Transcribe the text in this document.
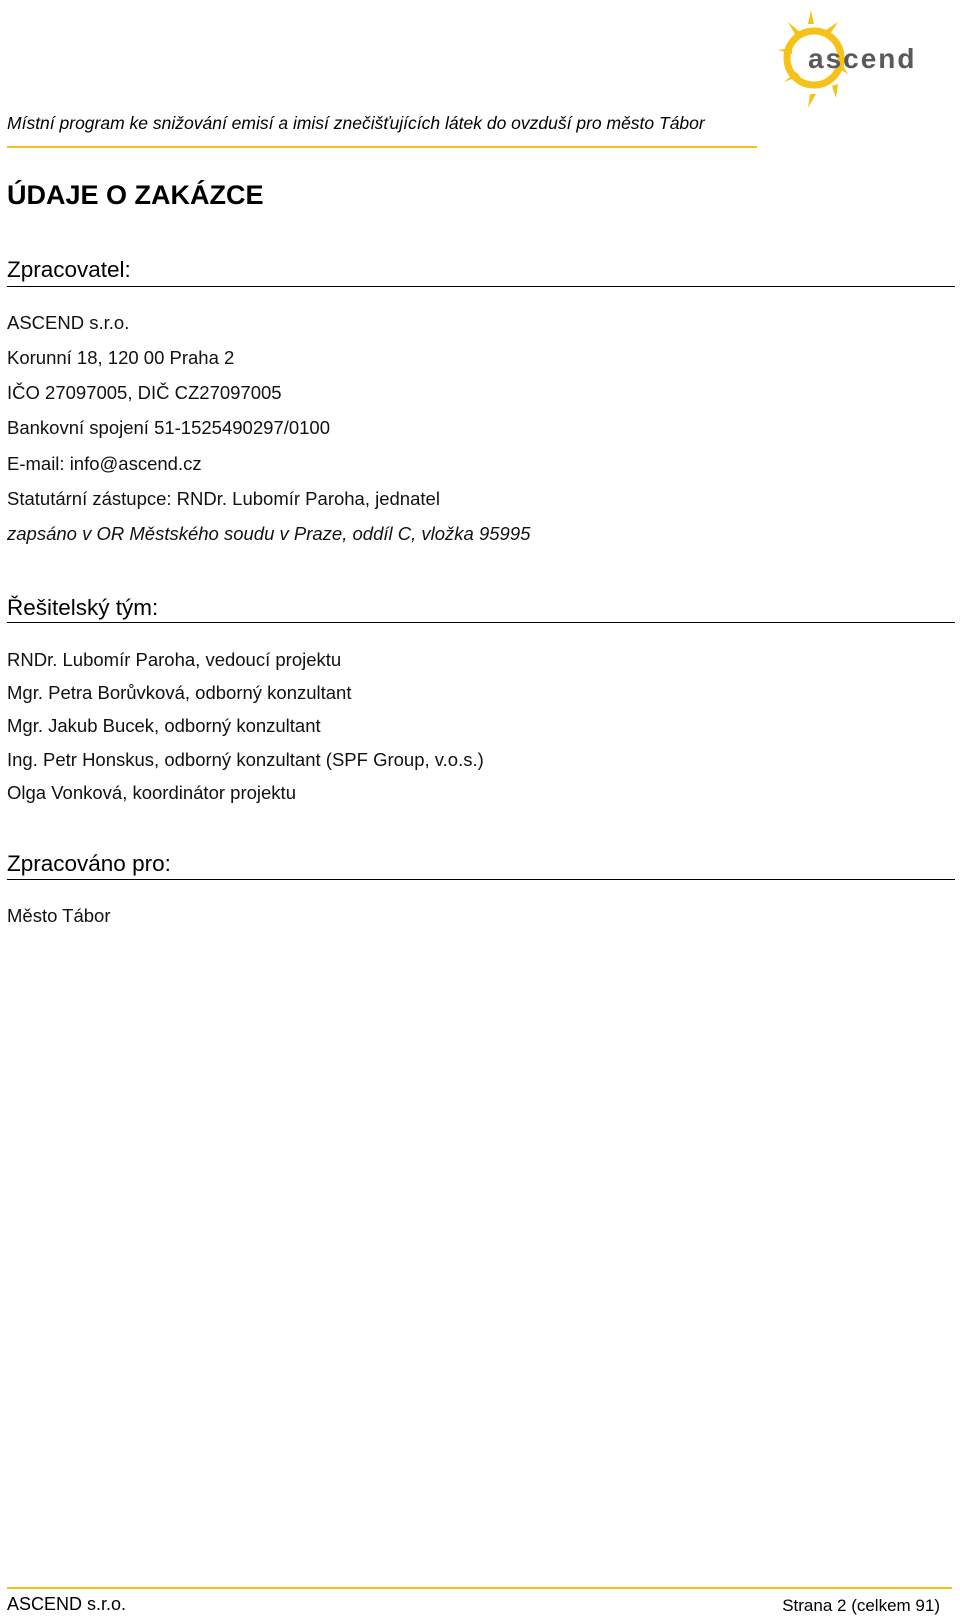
ascend
Místní program ke snižování emisí a imisí znečišťujících látek do ovzduší pro město Tábor
ÚDAJE O ZAKÁZCE
Zpracovatel:
ASCEND s.r.o.
Korunní 18, 120 00 Praha 2
IČO 27097005, DIČ CZ27097005
Bankovní spojení 51-1525490297/0100
E-mail: info@ascend.cz
Statutární zástupce: RNDr. Lubomír Paroha, jednatel
zapsáno v OR Městského soudu v Praze, oddíl C, vložka 95995
Řešitelský tým:
RNDr. Lubomír Paroha, vedoucí projektu
Mgr. Petra Borůvková, odborný konzultant
Mgr. Jakub Bucek, odborný konzultant
Ing. Petr Honskus, odborný konzultant (SPF Group, v.o.s.)
Olga Vonková, koordinátor projektu
Zpracováno pro:
Město Tábor
ASCEND s.r.o.	Strana 2 (celkem 91)
